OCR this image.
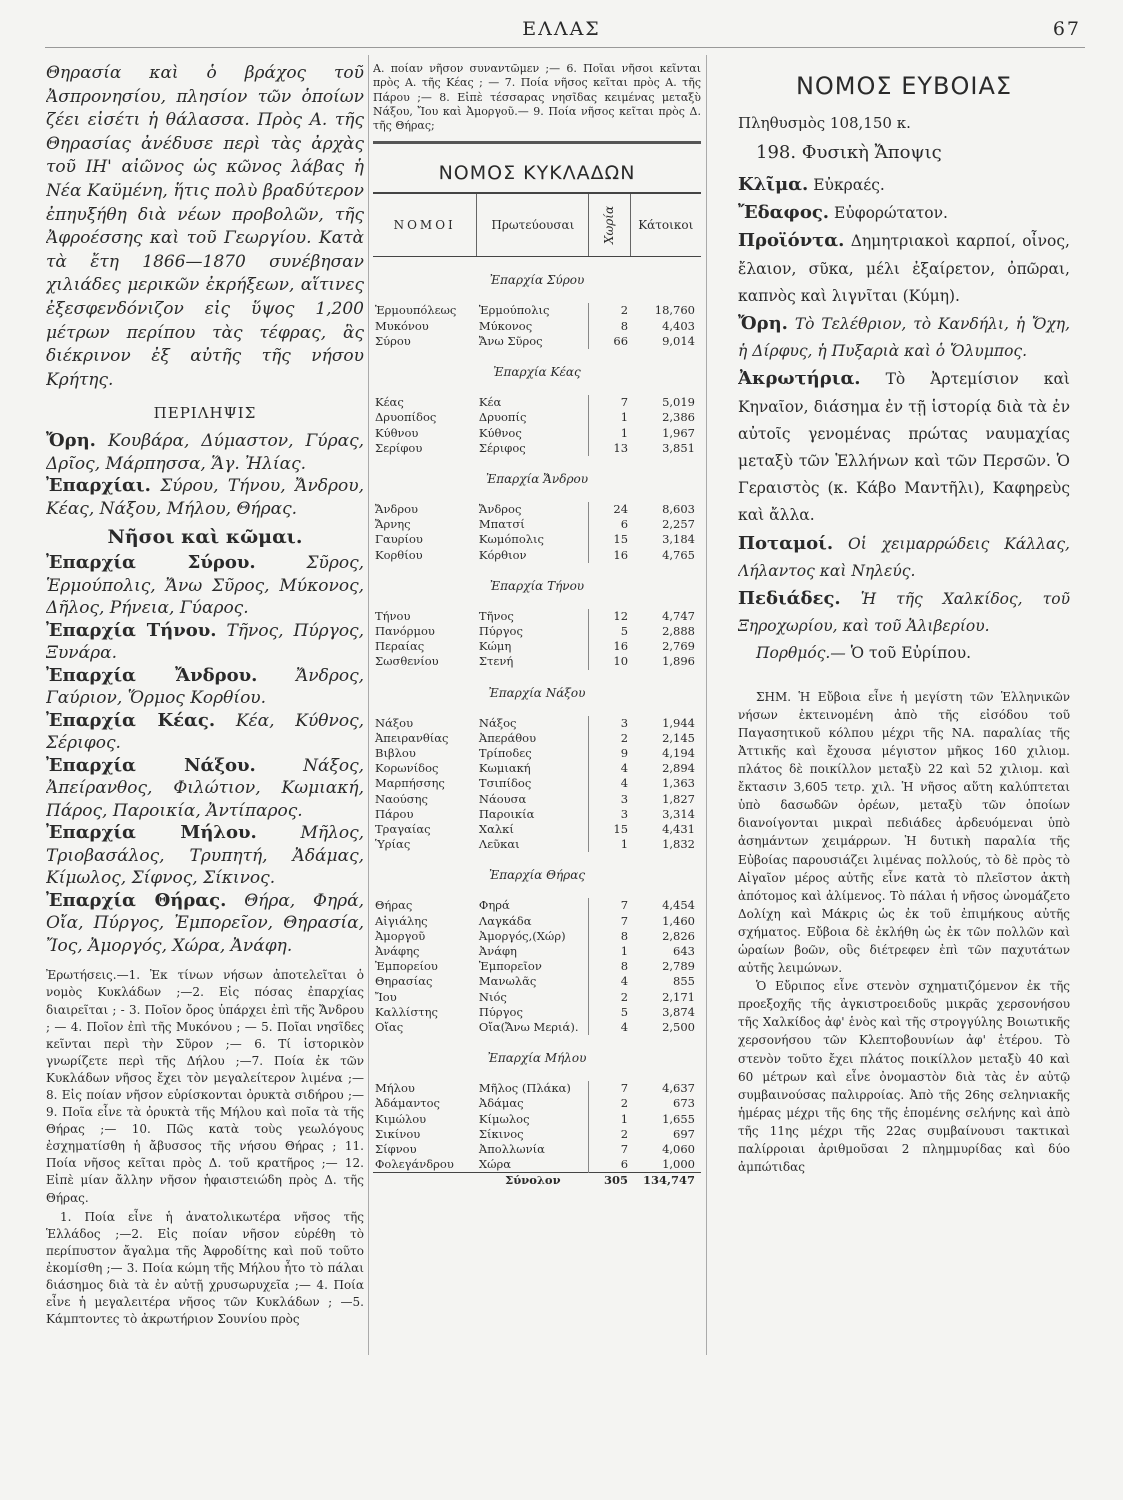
ΕΛΛΑΣ	67

Θηρασία καὶ ὁ βράχος τοῦ Ἀσπρονησίου, πλησίον τῶν ὁποίων ζέει εἰσέτι ἡ θάλασσα. Πρὸς Α. τῆς Θηρασίας ἀνέδυσε περὶ τὰς ἀρχὰς τοῦ ΙΗ' αἰῶνος ὡς κῶνος λάβας ἡ Νέα Καϋμένη, ἥτις πολὺ βραδύτερον ἐπηυξήθη διὰ νέων προβολῶν, τῆς Ἀφροέσσης καὶ τοῦ Γεωργίου. Κατὰ τὰ ἔτη 1866—1870 συνέβησαν χιλιάδες μερικῶν ἐκρήξεων, αἵτινες ἐξεσφενδόνιζον εἰς ὕψος 1,200 μέτρων περίπου τὰς τέφρας, ἃς διέκρινον ἐξ αὐτῆς τῆς νήσου Κρήτης.

ΠΕΡΙΛΗΨΙΣ

Ὄρη. Κουβάρα, Δύμαστον, Γύρας, Δρῖος, Μάρπησσα, Ἅγ. Ἠλίας.

Ἐπαρχίαι. Σύρου, Τήνου, Ἄνδρου, Κέας, Νάξου, Μήλου, Θήρας.

Νῆσοι καὶ κῶμαι.

Ἐπαρχία Σύρου.	Σῦρος, Ἑρμούπολις, Ἄνω Σῦρος, Μύκονος, Δῆλος, Ρήνεια, Γύαρος.

Ἐπαρχία Τήνου. Τῆνος, Πύργος, Ξυνάρα.

Ἐπαρχία Ἄνδρου. Ἄνδρος, Γαύριον, Ὅρμος Κορθίου.

Ἐπαρχία Κέας. Κέα, Κύθνος, Σέριφος.

Ἐπαρχία Νάξου.	Νάξος, Ἀπείρανθος, Φιλώτιον, Κωμιακή, Πάρος, Παροικία, Ἀντίπαρος.

Ἐπαρχία Μήλου.	Μῆλος, Τριοβασάλος, Τρυπητή, Ἀδάμας, Κίμωλος, Σίφνος, Σίκινος.

Ἐπαρχία Θήρας. Θήρα, Φηρά, Οἴα, Πύργος, Ἐμπορεῖον, Θηρασία, Ἴος, Ἀμοργός, Χώρα, Ἀνάφη.

Ἐρωτήσεις.—1. Ἐκ τίνων νήσων ἀποτελεῖται ὁ νομὸς Κυκλάδων ;—2. Εἰς πόσας ἐπαρχίας διαιρεῖται ; - 3. Ποῖον ὄρος ὑπάρχει ἐπὶ τῆς Ἄνδρου ; — 4. Ποῖον ἐπὶ τῆς Μυκόνου ; — 5. Ποῖαι νησῖδες κεῖνται περὶ τὴν Σῦρον ;— 6. Τί ἱστορικὸν γνωρίζετε περὶ τῆς Δήλου ;—7. Ποία ἐκ τῶν Κυκλάδων νῆσος ἔχει τὸν μεγαλείτερον λιμένα ;—8. Εἰς ποίαν νῆσον εὑρίσκονται ὀρυκτὰ σιδήρου ;—9. Ποῖα εἶνε τὰ ὀρυκτὰ τῆς Μήλου καὶ ποῖα τὰ τῆς Θήρας ;— 10. Πῶς κατὰ τοὺς γεωλόγους ἐσχηματίσθη ἡ ἄβυσσος τῆς νήσου Θήρας ; 11. Ποία νῆσος κεῖται πρὸς Δ. τοῦ κρατῆρος ;— 12. Εἰπὲ μίαν ἄλλην νῆσον ἡφαιστειώδη πρὸς Δ. τῆς Θήρας.

1. Ποία εἶνε ἡ ἀνατολικωτέρα νῆσος τῆς Ἑλλάδος ;—2. Εἰς ποίαν νῆσον εὑρέθη τὸ περίπυστον ἄγαλμα τῆς Ἀφροδίτης καὶ ποῦ τοῦτο ἐκομίσθη ;— 3. Ποία κώμη τῆς Μήλου ἦτο τὸ πάλαι διάσημος διὰ τὰ ἐν αὐτῇ χρυσωρυχεῖα ;— 4. Ποία εἶνε ἡ μεγαλειτέρα νῆσος τῶν Κυκλάδων ; —5. Κάμπτοντες τὸ ἀκρωτήριον Σουνίου πρὸς

Α. ποίαν νῆσον συναντῶμεν ;— 6. Ποῖαι νῆσοι κεῖνται πρὸς Α. τῆς Κέας ; — 7. Ποία νῆσος κεῖται πρὸς Α. τῆς Πάρου ;— 8. Εἰπὲ τέσσαρας νησῖδας κειμένας μεταξὺ Νάξου, Ἴου καὶ Ἀμοργοῦ.— 9. Ποία νῆσος κεῖται πρὸς Δ. τῆς Θήρας;

ΝΟΜΟΣ ΚΥΚΛΑΔΩΝ
ΝΟΜΟΙ	Πρωτεύουσαι	Χωρία	Κάτοικοι
Ἐπαρχία Σύρου			
Ἑρμουπόλεως	Ἑρμούπολις	2	18,760
Μυκόνου	Μύκονος	8	4,403
Σύρου	Ἄνω Σῦρος	66	9,014
Ἐπαρχία Κέας			
Κέας	Κέα	7	5,019
Δρυοπίδος	Δρυοπίς	1	2,386
Κύθνου	Κύθνος	1	1,967
Σερίφου	Σέριφος	13	3,851
Ἐπαρχία Ἄνδρου			
Ἄνδρου	Ἄνδρος	24	8,603
Ἄρνης	Μπατσί	6	2,257
Γαυρίου	Κωμόπολις	15	3,184
Κορθίου	Κόρθιον	16	4,765
Ἐπαρχία Τήνου			
Τήνου	Τῆνος	12	4,747
Πανόρμου	Πύργος	5	2,888
Περαίας	Κώμη	16	2,769
Σωσθενίου	Στενή	10	1,896
Ἐπαρχία Νάξου			
Νάξου	Νάξος	3	1,944
Ἀπειρανθίας	Ἀπεράθου	2	2,145
Βιβλου	Τρίποδες	9	4,194
Κορωνίδος	Κωμιακή	4	2,894
Μαρπήσσης	Τσιπίδος	4	1,363
Ναούσης	Νάουσα	3	1,827
Πάρου	Παροικία	3	3,314
Τραγαίας	Χαλκί	15	4,431
Ὑρίας	Λεῦκαι	1	1,832
Ἐπαρχία Θήρας			
Θήρας	Φηρά	7	4,454
Αἰγιάλης	Λαγκάδα	7	1,460
Ἀμοργοῦ	Ἀμοργός,(Χώρ)	8	2,826
Ἀνάφης	Ἀνάφη	1	643
Ἐμπορείου	Ἐμπορεῖον	8	2,789
Θηρασίας	Μανωλᾶς	4	855
Ἴου	Νιός	2	2,171
Καλλίστης	Πύργος	5	3,874
Οἴας	Οἴα(Ἄνω Μεριά).	4	2,500
Ἐπαρχία Μήλου			
Μήλου	Μῆλος (Πλάκα)	7	4,637
Ἀδάμαντος	Ἀδάμας	2	673
Κιμώλου	Κίμωλος	1	1,655
Σικίνου	Σίκινος	2	697
Σίφνου	Ἀπολλωνία	7	4,060
Φολεγάνδρου	Χώρα	6	1,000
	Σύνολον	305	134,747
ΝΟΜΟΣ ΕΥΒΟΙΑΣ
Πληθυσμὸς 108,150 κ.
198. Φυσικὴ Ἄποψις

Κλῖμα. Εὐκραές.

Ἔδαφος. Εὐφορώτατον.

Προϊόντα. Δημητριακοὶ καρποί, οἶνος, ἔλαιον, σῦκα, μέλι ἐξαίρετον, ὀπῶραι, καπνὸς καὶ λιγνῖται (Κύμη).

Ὄρη. Τὸ Τελέθριον, τὸ Κανδήλι, ἡ Ὄχη, ἡ Δίρφυς, ἡ Πυξαριὰ καὶ ὁ Ὄλυμπος.

Ἀκρωτήρια. Τὸ Ἀρτεμίσιον καὶ Κηναῖον, διάσημα ἐν τῇ ἱστορίᾳ διὰ τὰ ἐν αὐτοῖς γενομένας πρώτας ναυμαχίας μεταξὺ τῶν Ἑλλήνων καὶ τῶν Περσῶν. Ὁ Γεραιστὸς (κ. Κάβο Μαντῆλι), Καφηρεὺς καὶ ἄλλα.

Ποταμοί. Οἱ χειμαρρώδεις Κάλλας, Λήλαντος καὶ Νηλεύς.

Πεδιάδες. Ἡ τῆς Χαλκίδος, τοῦ Ξηροχωρίου, καὶ τοῦ Ἀλιβερίου.

Πορθμός.— Ὁ τοῦ Εὐρίπου.

ΣΗΜ. Ἡ Εὔβοια εἶνε ἡ μεγίστη τῶν Ἑλληνικῶν νήσων ἐκτεινομένη ἀπὸ τῆς εἰσόδου τοῦ Παγασητικοῦ κόλπου μέχρι τῆς ΝΑ. παραλίας τῆς Ἀττικῆς καὶ ἔχουσα μέγιστον μῆκος 160 χιλιομ. πλάτος δὲ ποικίλλον μεταξὺ 22 καὶ 52 χιλιομ. καὶ ἔκτασιν 3,605 τετρ. χιλ. Ἡ νῆσος αὕτη καλύπτεται ὑπὸ δασωδῶν ὀρέων, μεταξὺ τῶν ὁποίων διανοίγονται μικραὶ πεδιάδες ἀρδευόμεναι ὑπὸ ἀσημάντων χειμάρρων. Ἡ δυτικὴ παραλία τῆς Εὐβοίας παρουσιάζει λιμένας πολλούς, τὸ δὲ πρὸς τὸ Αἰγαῖον μέρος αὐτῆς εἶνε κατὰ τὸ πλεῖστον ἀκτὴ ἀπότομος καὶ ἀλίμενος. Τὸ πάλαι ἡ νῆσος ὠνομάζετο Δολίχη καὶ Μάκρις ὡς ἐκ τοῦ ἐπιμήκους αὐτῆς σχήματος. Εὔβοια δὲ ἐκλήθη ὡς ἐκ τῶν πολλῶν καὶ ὡραίων βοῶν, οὓς διέτρεφεν ἐπὶ τῶν παχυτάτων αὐτῆς λειμώνων.

Ὁ Εὔριπος εἶνε στενὸν σχηματιζόμενον ἐκ τῆς προεξοχῆς τῆς ἀγκιστροειδοῦς μικρᾶς χερσονήσου τῆς Χαλκίδος ἀφ' ἑνὸς καὶ τῆς στρογγύλης Βοιωτικῆς χερσονήσου τῶν Κλεπτοβουνίων ἀφ' ἑτέρου. Τὸ στενὸν τοῦτο ἔχει πλάτος ποικίλλον μεταξὺ 40 καὶ 60 μέτρων καὶ εἶνε ὀνομαστὸν διὰ τὰς ἐν αὐτῷ συμβαινούσας παλιρροίας. Ἀπὸ τῆς 26ης σεληνιακῆς ἡμέρας μέχρι τῆς 6ης τῆς ἑπομένης σελήνης καὶ ἀπὸ τῆς 11ης μέχρι τῆς 22ας συμβαίνουσι τακτικαὶ παλίρροιαι ἀριθμοῦσαι 2 πλημμυρίδας καὶ δύο ἀμπώτιδας
